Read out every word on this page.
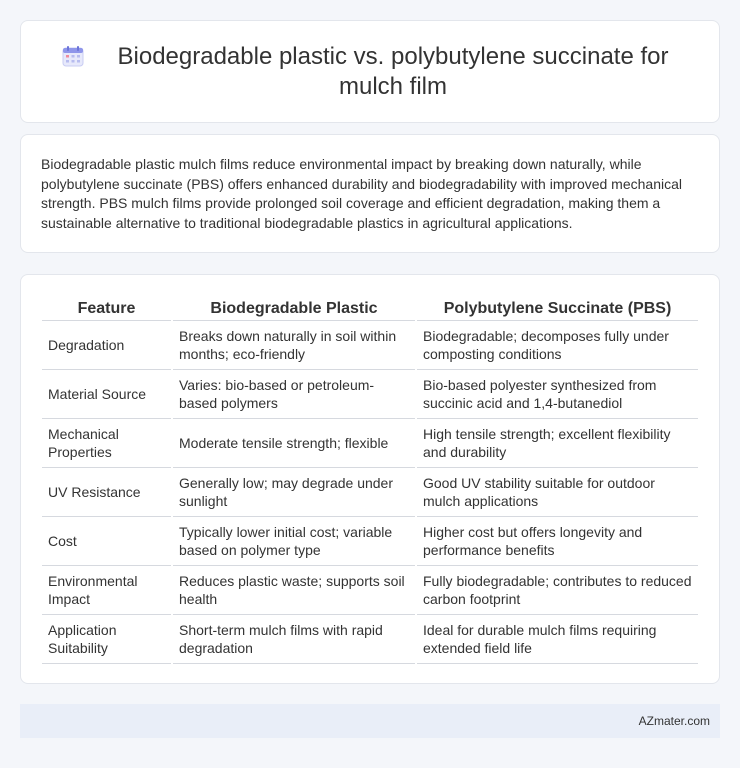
Biodegradable plastic vs. polybutylene succinate for mulch film

Biodegradable plastic mulch films reduce environmental impact by breaking down naturally, while polybutylene succinate (PBS) offers enhanced durability and biodegradability with improved mechanical strength. PBS mulch films provide prolonged soil coverage and efficient degradation, making them a sustainable alternative to traditional biodegradable plastics in agricultural applications.

Feature	Biodegradable Plastic	Polybutylene Succinate (PBS)
Degradation	Breaks down naturally in soil within months; eco-friendly	Biodegradable; decomposes fully under composting conditions
Material Source	Varies: bio-based or petroleum-based polymers	Bio-based polyester synthesized from succinic acid and 1,4-butanediol
Mechanical Properties	Moderate tensile strength; flexible	High tensile strength; excellent flexibility and durability
UV Resistance	Generally low; may degrade under sunlight	Good UV stability suitable for outdoor mulch applications
Cost	Typically lower initial cost; variable based on polymer type	Higher cost but offers longevity and performance benefits
Environmental Impact	Reduces plastic waste; supports soil health	Fully biodegradable; contributes to reduced carbon footprint
Application Suitability	Short-term mulch films with rapid degradation	Ideal for durable mulch films requiring extended field life
AZmater.com
